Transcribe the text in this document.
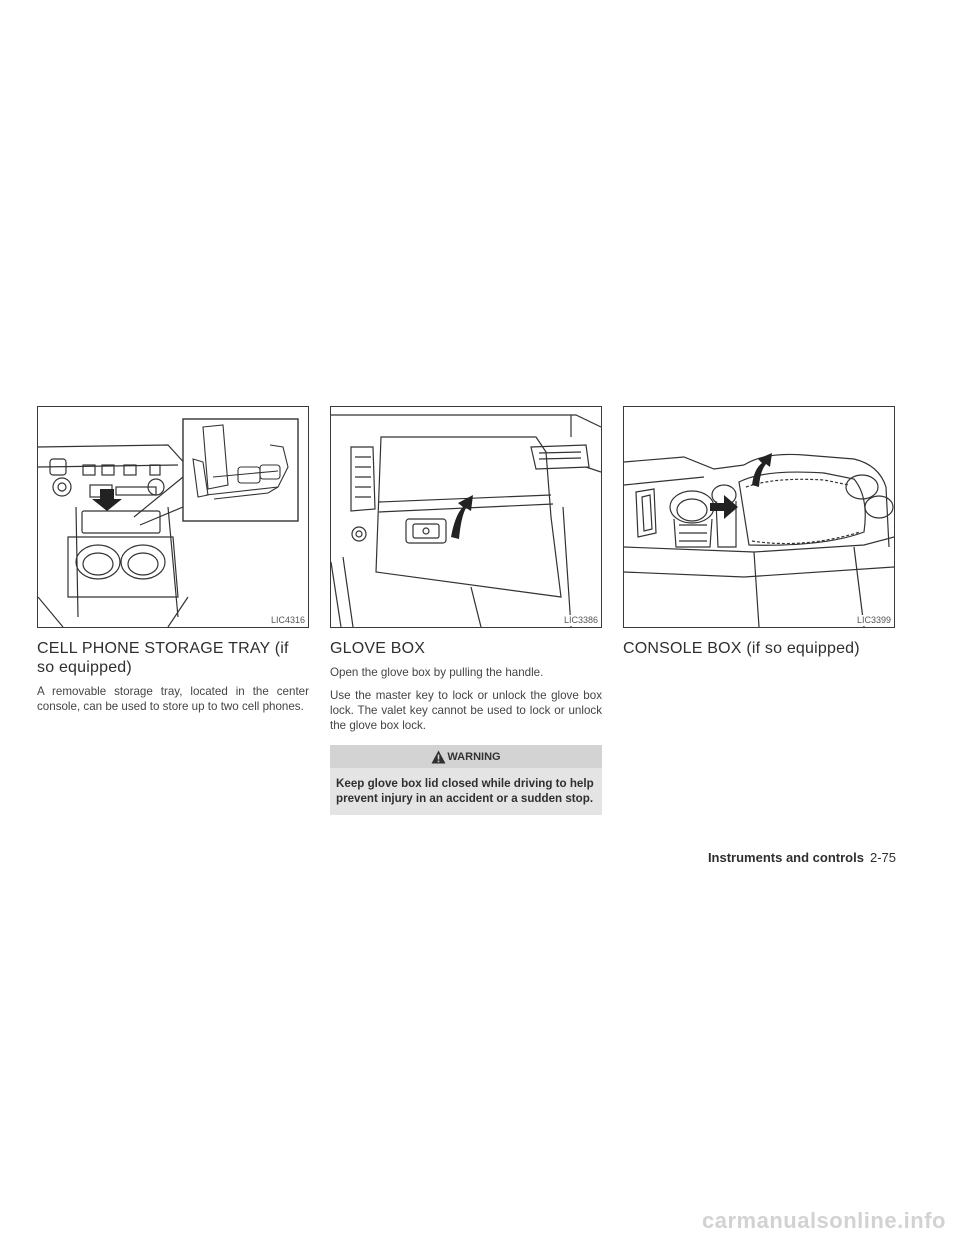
LIC4316
CELL PHONE STORAGE TRAY (if so equipped)

A removable storage tray, located in the center console, can be used to store up to two cell phones.

LIC3386
GLOVE BOX

Open the glove box by pulling the handle.

Use the master key to lock or unlock the glove box lock. The valet key cannot be used to lock or unlock the glove box lock.

WARNING
Keep glove box lid closed while driving to help prevent injury in an accident or a sudden stop.
LIC3399
CONSOLE BOX (if so equipped)
Instruments and controls 2-75
carmanualsonline.info
